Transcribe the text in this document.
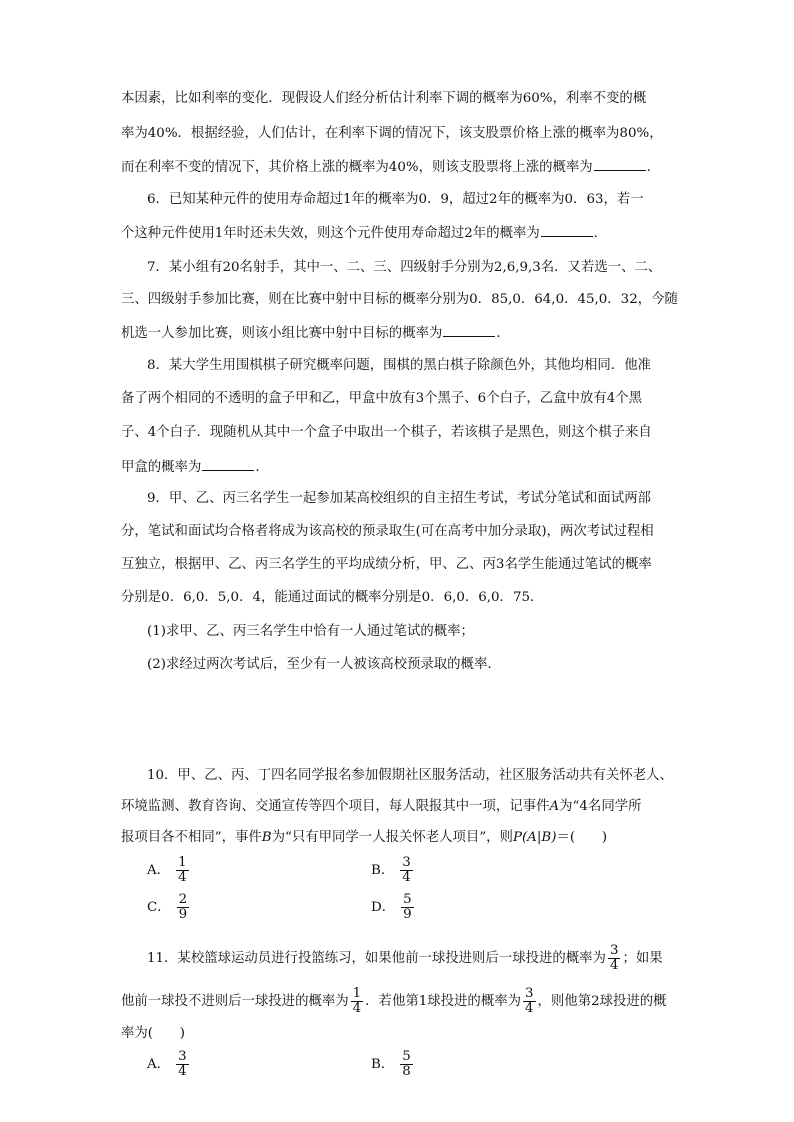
本因素，比如利率的变化．现假设人们经分析估计利率下调的概率为60%，利率不变的概
率为40%．根据经验，人们估计，在利率下调的情况下，该支股票价格上涨的概率为80%，
而在利率不变的情况下，其价格上涨的概率为40%，则该支股票将上涨的概率为	.
6．已知某种元件的使用寿命超过1年的概率为0．9，超过2年的概率为0．63，若一
个这种元件使用1年时还未失效，则这个元件使用寿命超过2年的概率为	.
7．某小组有20名射手，其中一、二、三、四级射手分别为2,6,9,3名．又若选一、二、
三、四级射手参加比赛，则在比赛中射中目标的概率分别为0．85,0．64,0．45,0．32，今随
机选一人参加比赛，则该小组比赛中射中目标的概率为	.
8．某大学生用围棋棋子研究概率问题，围棋的黑白棋子除颜色外，其他均相同．他准
备了两个相同的不透明的盒子甲和乙，甲盒中放有3个黑子、6个白子，乙盒中放有4个黑
子、4个白子．现随机从其中一个盒子中取出一个棋子，若该棋子是黑色，则这个棋子来自
甲盒的概率为	.
9．甲、乙、丙三名学生一起参加某高校组织的自主招生考试，考试分笔试和面试两部
分，笔试和面试均合格者将成为该高校的预录取生(可在高考中加分录取)，两次考试过程相
互独立，根据甲、乙、丙三名学生的平均成绩分析，甲、乙、丙3名学生能通过笔试的概率
分别是0．6,0．5,0．4，能通过面试的概率分别是0．6,0．6,0．75．
(1)求甲、乙、丙三名学生中恰有一人通过笔试的概率；
(2)求经过两次考试后，至少有一人被该高校预录取的概率.
10．甲、乙、丙、丁四名同学报名参加假期社区服务活动，社区服务活动共有关怀老人、
环境监测、教育咨询、交通宣传等四个项目，每人限报其中一项，记事件A为“4名同学所
报项目各不相同”，事件B为“只有甲同学一人报关怀老人项目”，则P(A|B)＝(　　)
A． $\frac{1}{4}$	B． $\frac{3}{4}$
C． $\frac{2}{9}$	D． $\frac{5}{9}$
11．某校篮球运动员进行投篮练习，如果他前一球投进则后一球投进的概率为 $\frac{3}{4}$ ；如果
他前一球投不进则后一球投进的概率为 $\frac{1}{4}$ ．若他第1球投进的概率为 $\frac{3}{4}$ ，则他第2球投进的概
率为(　　)
A． $\frac{3}{4}$	B． $\frac{5}{8}$
